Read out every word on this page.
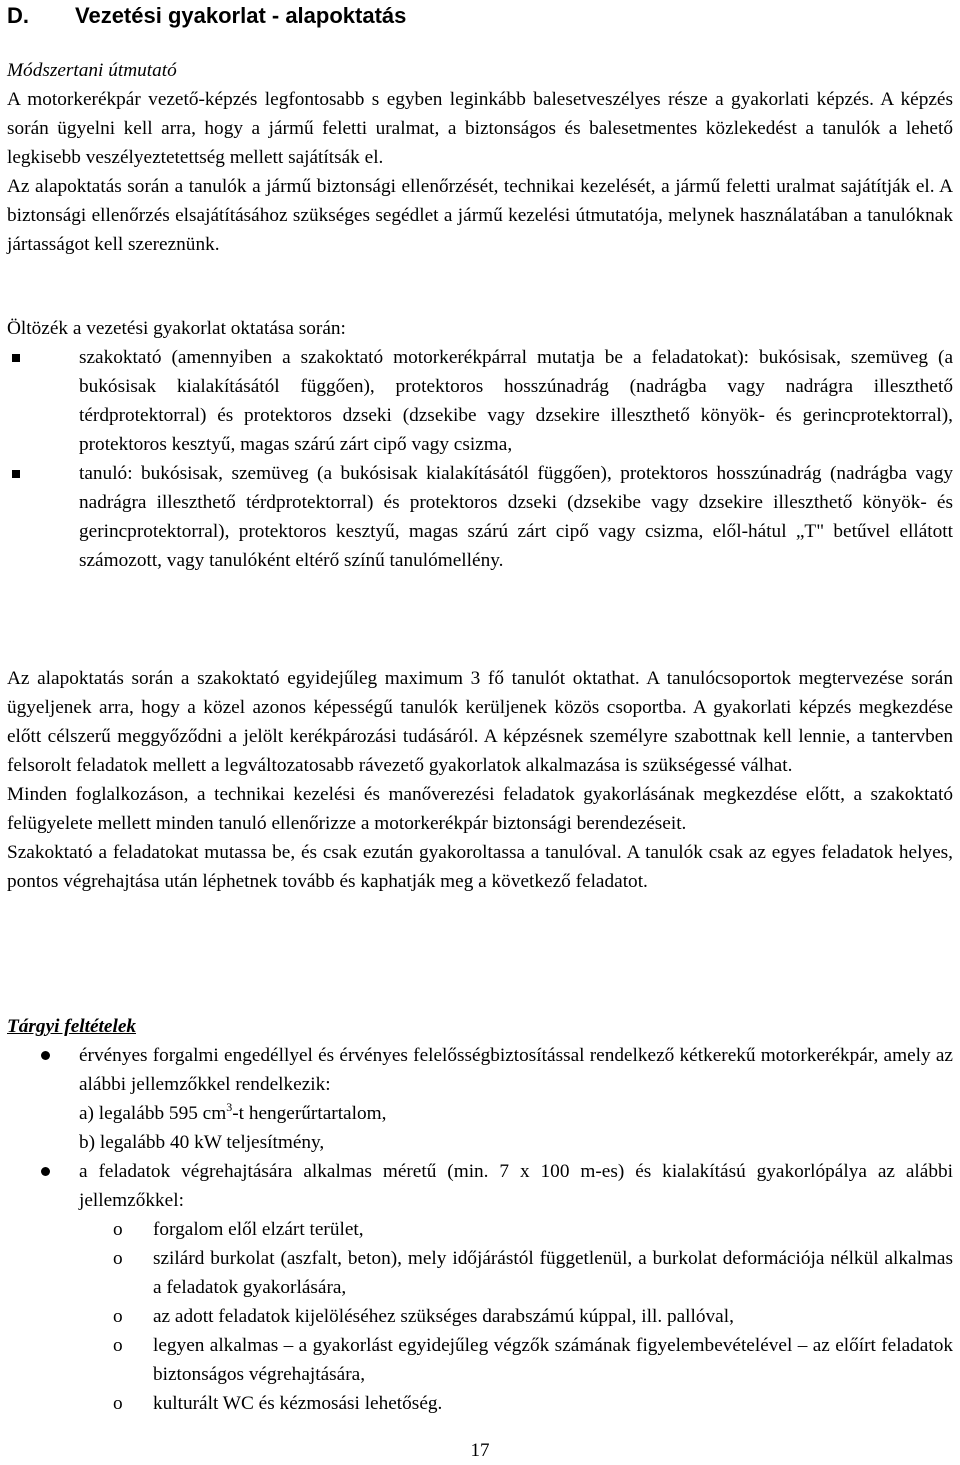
D. Vezetési gyakorlat - alapoktatás
Módszertani útmutató

A motorkerékpár vezető-képzés legfontosabb s egyben leginkább balesetveszélyes része a gyakorlati képzés. A képzés során ügyelni kell arra, hogy a jármű feletti uralmat, a biztonságos és balesetmentes közlekedést a tanulók a lehető legkisebb veszélyeztetettség mellett sajátítsák el.

Az alapoktatás során a tanulók a jármű biztonsági ellenőrzését, technikai kezelését, a jármű feletti uralmat sajátítják el. A biztonsági ellenőrzés elsajátításához szükséges segédlet a jármű kezelési útmutatója, melynek használatában a tanulóknak jártasságot kell szereznünk.

Öltözék a vezetési gyakorlat oktatása során:
szakoktató (amennyiben a szakoktató motorkerékpárral mutatja be a feladatokat): bukósisak, szemüveg (a bukósisak kialakításától függően), protektoros hosszúnadrág (nadrágba vagy nadrágra illeszthető térdprotektorral) és protektoros dzseki (dzsekibe vagy dzsekire illeszthető könyök- és gerincprotektorral), protektoros kesztyű, magas szárú zárt cipő vagy csizma,
tanuló: bukósisak, szemüveg (a bukósisak kialakításától függően), protektoros hosszúnadrág (nadrágba vagy nadrágra illeszthető térdprotektorral) és protektoros dzseki (dzsekibe vagy dzsekire illeszthető könyök- és gerincprotektorral), protektoros kesztyű, magas szárú zárt cipő vagy csizma, elől-hátul „T" betűvel ellátott számozott, vagy tanulóként eltérő színű tanulómellény.

Az alapoktatás során a szakoktató egyidejűleg maximum 3 fő tanulót oktathat. A tanulócsoportok megtervezése során ügyeljenek arra, hogy a közel azonos képességű tanulók kerüljenek közös csoportba. A gyakorlati képzés megkezdése előtt célszerű meggyőződni a jelölt kerékpározási tudásáról. A képzésnek személyre szabottnak kell lennie, a tantervben felsorolt feladatok mellett a legváltozatosabb rávezető gyakorlatok alkalmazása is szükségessé válhat.

Minden foglalkozáson, a technikai kezelési és manőverezési feladatok gyakorlásának megkezdése előtt, a szakoktató felügyelete mellett minden tanuló ellenőrizze a motorkerékpár biztonsági berendezéseit.

Szakoktató a feladatokat mutassa be, és csak ezután gyakoroltassa a tanulóval. A tanulók csak az egyes feladatok helyes, pontos végrehajtása után léphetnek tovább és kaphatják meg a következő feladatot.

Tárgyi feltételek
érvényes forgalmi engedéllyel és érvényes felelősségbiztosítással rendelkező kétkerekű motorkerékpár, amely az alábbi jellemzőkkel rendelkezik:
a) legalább 595 $cm^3-t$ hengerűrtartalom,
b) legalább 40 kW teljesítmény,
a feladatok végrehajtására alkalmas méretű (min. 7 x 100 m-es) és kialakítású gyakorlópálya az alábbi jellemzőkkel:
o forgalom elől elzárt terület,
o szilárd burkolat (aszfalt, beton), mely időjárástól függetlenül, a burkolat deformációja nélkül alkalmas a feladatok gyakorlására,
o az adott feladatok kijelöléséhez szükséges darabszámú kúppal, ill. pallóval,
o legyen alkalmas – a gyakorlást egyidejűleg végzők számának figyelembevételével – az előírt feladatok biztonságos végrehajtására,
o kulturált WC és kézmosási lehetőség.
17
